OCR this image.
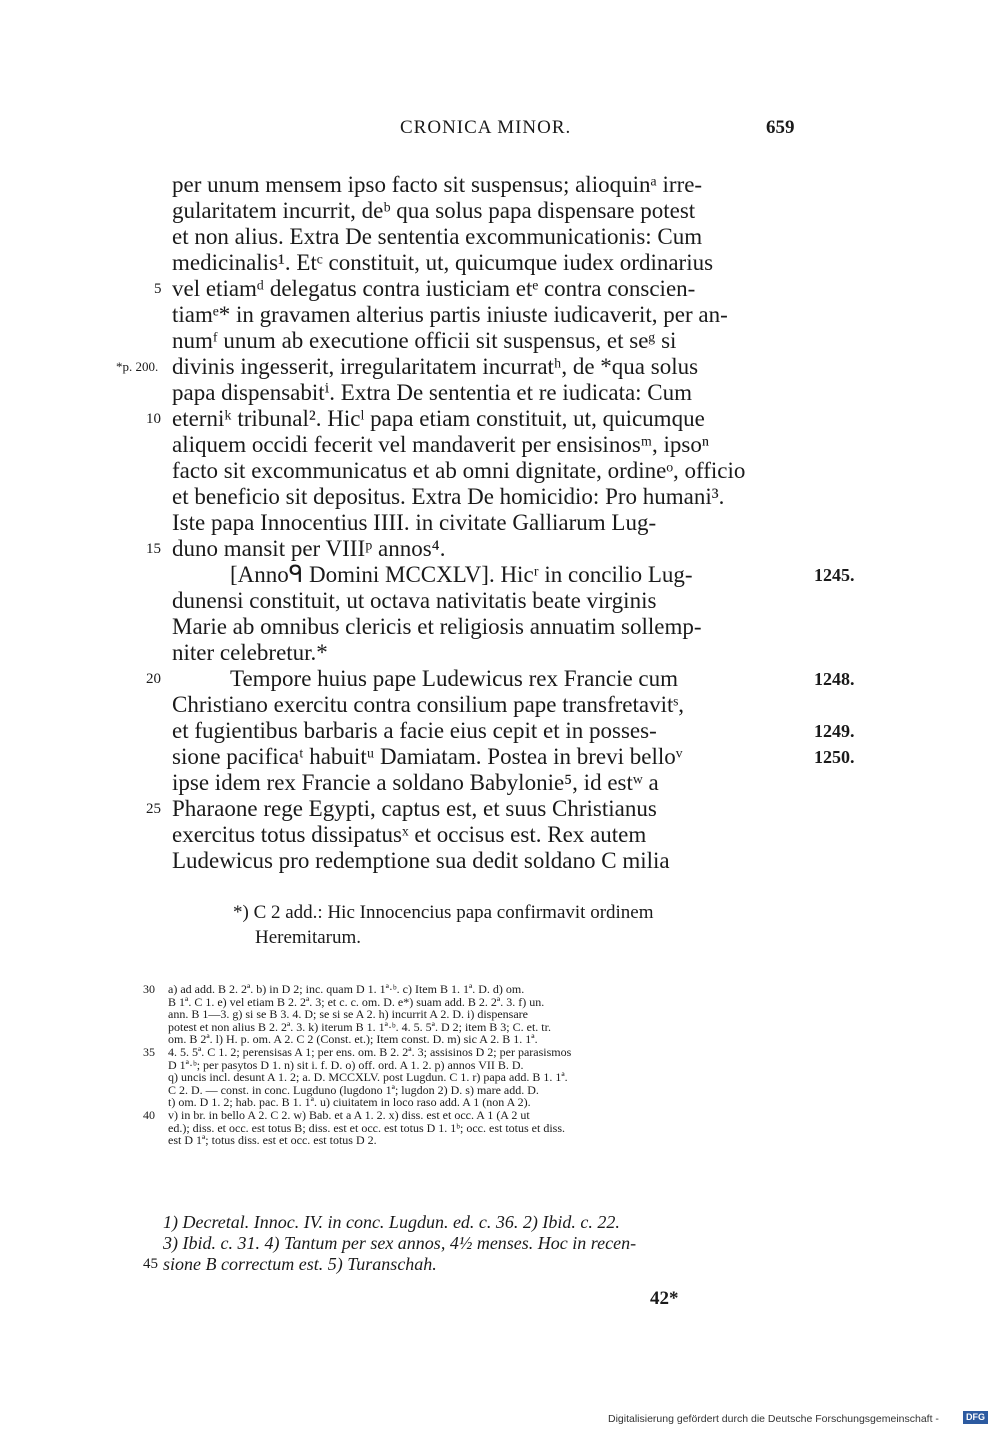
CRONICA MINOR.	659
per unum mensem ipso facto sit suspensus; alioquinᵃ irre-
gularitatem incurrit, deᵇ qua solus papa dispensare potest
et non alius. Extra De sententia excommunicationis: Cum
medicinalis¹. Etᶜ constituit, ut, quicumque iudex ordinarius
vel etiamᵈ delegatus contra iusticiam etᵉ contra conscien-
tiamᵉ* in gravamen alterius partis iniuste iudicaverit, per an-
numᶠ unum ab executione officii sit suspensus, et seᵍ si
divinis ingesserit, irregularitatem incurratʰ, de *qua solus
papa dispensabitⁱ. Extra De sententia et re iudicata: Cum
eterniᵏ tribunal². Hicˡ papa etiam constituit, ut, quicumque
aliquem occidi fecerit vel mandaverit per ensisinosᵐ, ipsoⁿ
facto sit excommunicatus et ab omni dignitate, ordineᵒ, officio
et beneficio sit depositus. Extra De homicidio: Pro humani³.
Iste papa Innocentius IIII. in civitate Galliarum Lug-
duno mansit per VIIIᵖ annos⁴.
[Annoᑫ Domini MCCXLV]. Hicʳ in concilio Lug-
dunensi constituit, ut octava nativitatis beate virginis
Marie ab omnibus clericis et religiosis annuatim sollemp-
niter celebretur.*
Tempore huius pape Ludewicus rex Francie cum
Christiano exercitu contra consilium pape transfretavitˢ,
et fugientibus barbaris a facie eius cepit et in posses-
sione pacificaᵗ habuitᵘ Damiatam. Postea in brevi belloᵛ
ipse idem rex Francie a soldano Babylonie⁵, id estʷ a
Pharaone rege Egypti, captus est, et suus Christianus
exercitus totus dissipatusˣ et occisus est. Rex autem
Ludewicus pro redemptione sua dedit soldano C milia
5
10
15
20
25
*p. 200.
1245.
1248.
1249.
1250.
*) C 2 add.: Hic Innocencius papa confirmavit ordinem
Heremitarum.
30 a) ad add. B 2. 2ª. b) in D 2; inc. quam D 1. 1ª·ᵇ. c) Item B 1. 1ª. D. d) om.
B 1ª. C 1. e) vel etiam B 2. 2ª. 3; et c. c. om. D. e*) suam add. B 2. 2ª. 3. f) un.
ann. B 1—3. g) si se B 3. 4. D; se si se A 2. h) incurrit A 2. D. i) dispensare
potest et non alius B 2. 2ª. 3. k) iterum B 1. 1ª·ᵇ. 4. 5. 5ª. D 2; item B 3; C. et. tr.
om. B 2ª. l) H. p. om. A 2. C 2 (Const. et.); Item const. D. m) sic A 2. B 1. 1ª.
35 4. 5. 5ª. C 1. 2; perensisas A 1; per ens. om. B 2. 2ª. 3; assisinos D 2; per parasismos
D 1ª·ᵇ; per pasytos D 1. n) sit i. f. D. o) off. ord. A 1. 2. p) annos VII B. D.
q) uncis incl. desunt A 1. 2; a. D. MCCXLV. post Lugdun. C 1. r) papa add. B 1. 1ª.
C 2. D. — const. in conc. Lugduno (lugdono 1ª; lugdon 2) D. s) mare add. D.
t) om. D 1. 2; hab. pac. B 1. 1ª. u) ciuitatem in loco raso add. A 1 (non A 2).
40 v) in br. in bello A 2. C 2. w) Bab. et a A 1. 2. x) diss. est et occ. A 1 (A 2 ut
ed.); diss. et occ. est totus B; diss. est et occ. est totus D 1. 1ᵇ; occ. est totus et diss.
est D 1ª; totus diss. est et occ. est totus D 2.
1) Decretal. Innoc. IV. in conc. Lugdun. ed. c. 36. 2) Ibid. c. 22.
3) Ibid. c. 31. 4) Tantum per sex annos, 4½ menses. Hoc in recen-
45 sione B correctum est. 5) Turanschah.
42*
Digitalisierung gefördert durch die Deutsche Forschungsgemeinschaft -	DFG
